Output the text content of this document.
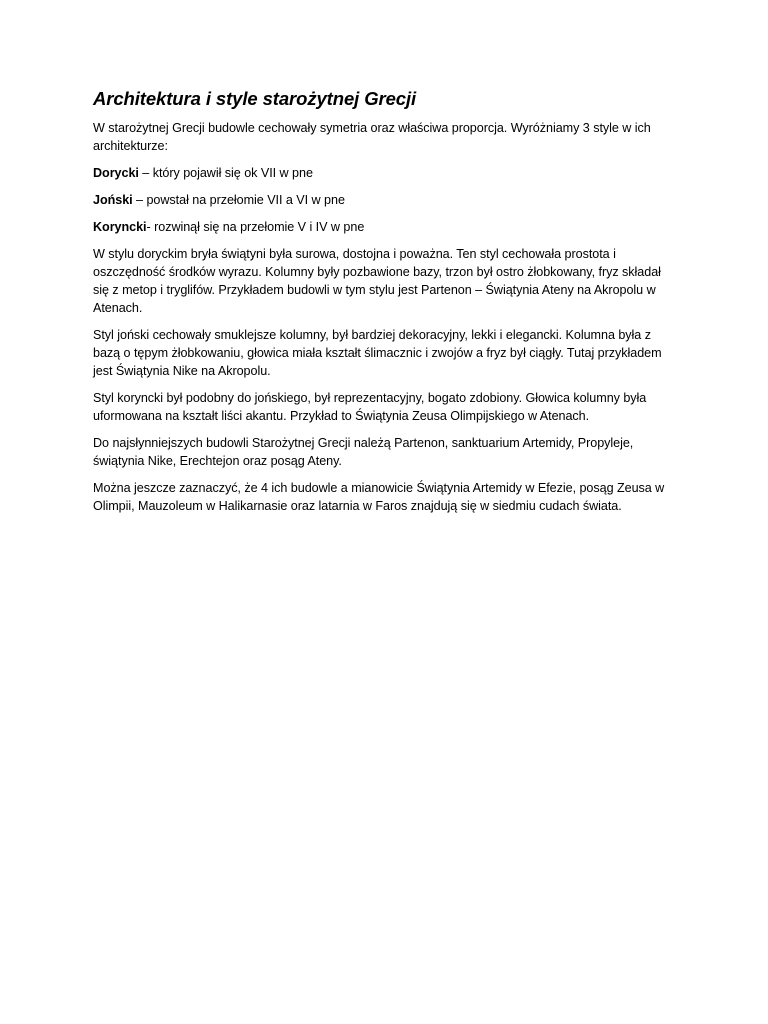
Architektura i style starożytnej Grecji

W starożytnej Grecji budowle cechowały symetria oraz właściwa proporcja. Wyróżniamy 3 style w ich architekturze:

Dorycki – który pojawił się ok VII w pne

Joński – powstał na przełomie VII a VI w pne

Koryncki- rozwinął się na przełomie V i IV w pne

W stylu doryckim bryła świątyni była surowa, dostojna i poważna. Ten styl cechowała prostota i oszczędność środków wyrazu. Kolumny były pozbawione bazy, trzon był ostro żłobkowany, fryz składał się z metop i tryglifów. Przykładem budowli w tym stylu jest Partenon – Świątynia Ateny na Akropolu w Atenach.

Styl joński cechowały smuklejsze kolumny, był bardziej dekoracyjny, lekki i elegancki. Kolumna była z bazą o tępym żłobkowaniu, głowica miała kształt ślimacznic i zwojów a fryz był ciągły. Tutaj przykładem jest Świątynia Nike na Akropolu.

Styl koryncki był podobny do jońskiego, był reprezentacyjny, bogato zdobiony. Głowica kolumny była uformowana na kształt liści akantu. Przykład to Świątynia Zeusa Olimpijskiego w Atenach.

Do najsłynniejszych budowli Starożytnej Grecji należą Partenon, sanktuarium Artemidy, Propyleje, świątynia Nike, Erechtejon oraz posąg Ateny.

Można jeszcze zaznaczyć, że 4 ich budowle a mianowicie Świątynia Artemidy w Efezie, posąg Zeusa w Olimpii, Mauzoleum w Halikarnasie oraz latarnia w Faros znajdują się w siedmiu cudach świata.
